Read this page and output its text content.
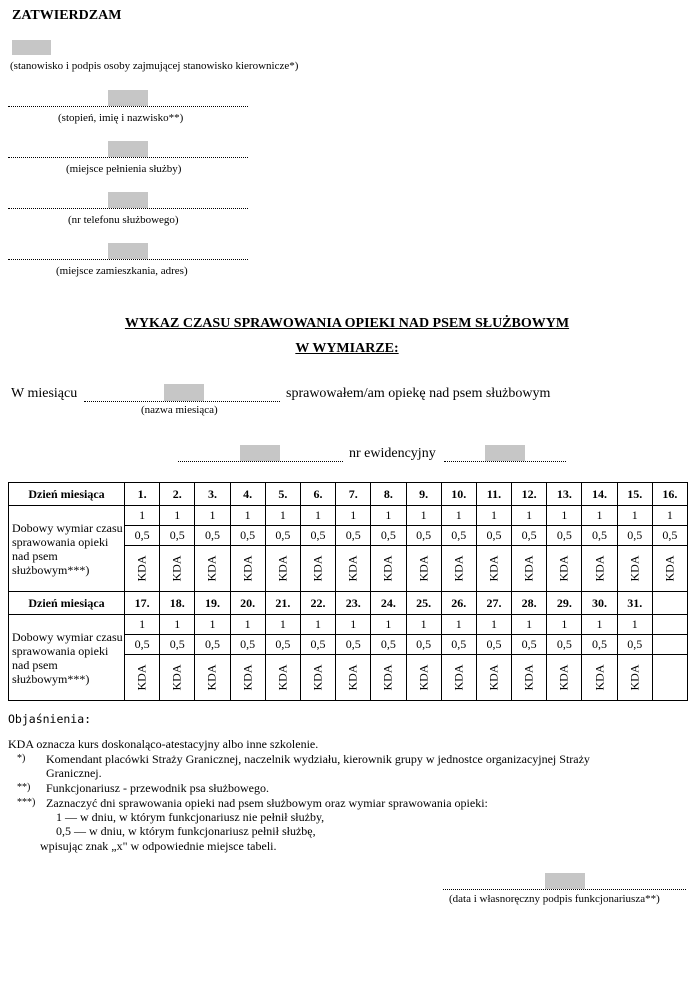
ZATWIERDZAM
(stanowisko i podpis osoby zajmującej stanowisko kierownicze*)
(stopień, imię i nazwisko**)
(miejsce pełnienia służby)
(nr telefonu służbowego)
(miejsce zamieszkania, adres)
WYKAZ CZASU SPRAWOWANIA OPIEKI NAD PSEM SŁUŻBOWYM
W WYMIARZE:
W miesiącu	sprawowałem/am opiekę nad psem służbowym
(nazwa miesiąca)
nr ewidencyjny
Dzień miesiąca	1.	2.	3.	4.	5.	6.	7.	8.	9.	10.	11.	12.	13.	14.	15.	16.
Dobowy wymiar czasu sprawowania opieki nad psem służbowym***)	1	1	1	1	1	1	1	1	1	1	1	1	1	1	1	1
	0,5	0,5	0,5	0,5	0,5	0,5	0,5	0,5	0,5	0,5	0,5	0,5	0,5	0,5	0,5	0,5
	KDA	KDA	KDA	KDA	KDA	KDA	KDA	KDA	KDA	KDA	KDA	KDA	KDA	KDA	KDA	KDA
Dzień miesiąca	17.	18.	19.	20.	21.	22.	23.	24.	25.	26.	27.	28.	29.	30.	31.	
Dobowy wymiar czasu sprawowania opieki nad psem służbowym***)	1	1	1	1	1	1	1	1	1	1	1	1	1	1	1	
	0,5	0,5	0,5	0,5	0,5	0,5	0,5	0,5	0,5	0,5	0,5	0,5	0,5	0,5	0,5	
	KDA	KDA	KDA	KDA	KDA	KDA	KDA	KDA	KDA	KDA	KDA	KDA	KDA	KDA	KDA	
Objaśnienia:
KDA oznacza kurs doskonaląco-atestacyjny albo inne szkolenie.
*) Komendant placówki Straży Granicznej, naczelnik wydziału, kierownik grupy w jednostce organizacyjnej Straży
Granicznej.
**) Funkcjonariusz - przewodnik psa służbowego.
***) Zaznaczyć dni sprawowania opieki nad psem służbowym oraz wymiar sprawowania opieki:
1 — w dniu, w którym funkcjonariusz nie pełnił służby,
0,5 — w dniu, w którym funkcjonariusz pełnił służbę,
wpisując znak „x" w odpowiednie miejsce tabeli.
(data i własnoręczny podpis funkcjonariusza**)
